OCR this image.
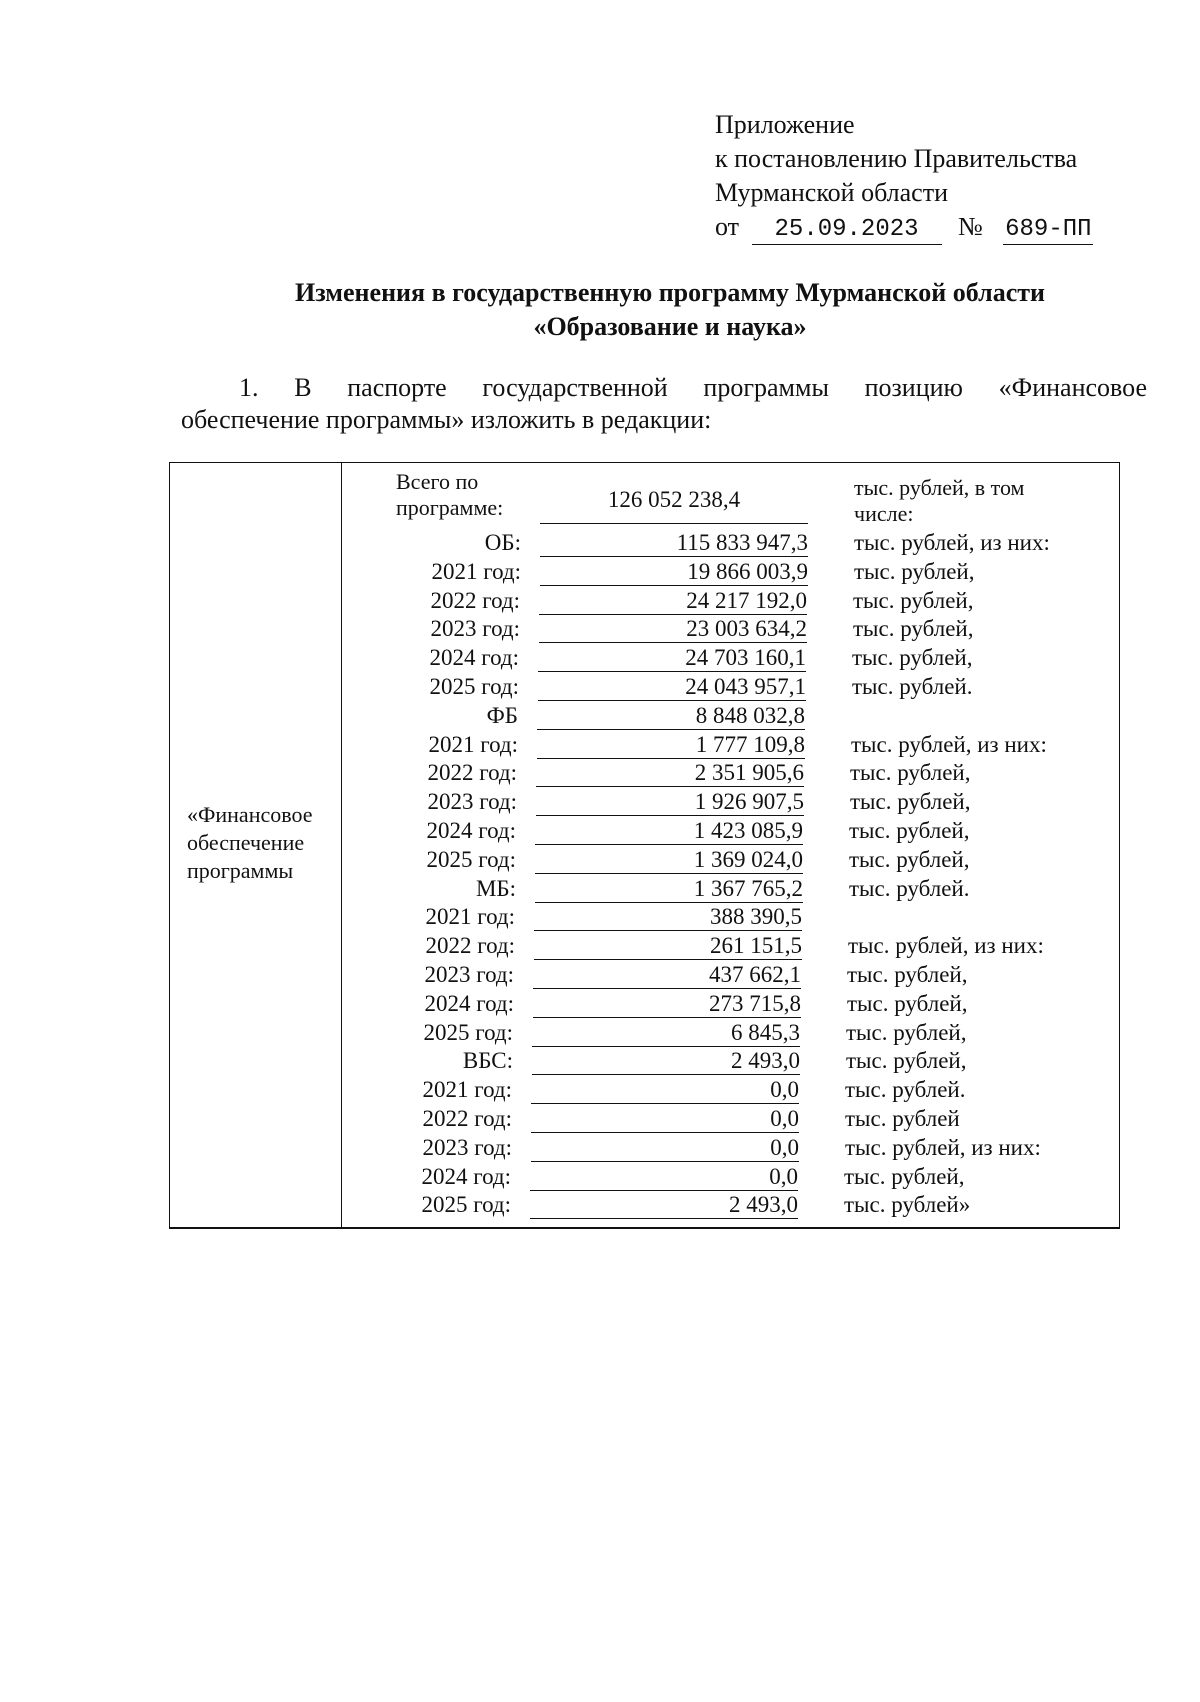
Приложение
к постановлению Правительства
Мурманской области
от 25.09.2023 № 689-ПП
Изменения в государственную программу Мурманской области
«Образование и наука»
1. В паспорте государственной программы позицию «Финансовое
обеспечение программы» изложить в редакции:
«Финансовое обеспечение программы
Всего по программе:	126 052 238,4	тыс. рублей, в том числе:
ОБ:	115 833 947,3 тыс. рублей, из них:
2021 год:	19 866 003,9 тыс. рублей,
2022 год:	24 217 192,0 тыс. рублей,
2023 год:	23 003 634,2 тыс. рублей,
2024 год:	24 703 160,1 тыс. рублей,
2025 год:	24 043 957,1 тыс. рублей.
ФБ	8 848 032,8
2021 год:	1 777 109,8 тыс. рублей, из них:
2022 год:	2 351 905,6 тыс. рублей,
2023 год:	1 926 907,5 тыс. рублей,
2024 год:	1 423 085,9 тыс. рублей,
2025 год:	1 369 024,0 тыс. рублей,
МБ:	1 367 765,2 тыс. рублей.
2021 год:	388 390,5
2022 год:	261 151,5 тыс. рублей, из них:
2023 год:	437 662,1 тыс. рублей,
2024 год:	273 715,8 тыс. рублей,
2025 год:	6 845,3 тыс. рублей,
ВБС:	2 493,0 тыс. рублей,
2021 год:	0,0 тыс. рублей.
2022 год:	0,0 тыс. рублей
2023 год:	0,0 тыс. рублей, из них:
2024 год:	0,0 тыс. рублей,
2025 год:	2 493,0 тыс. рублей»
